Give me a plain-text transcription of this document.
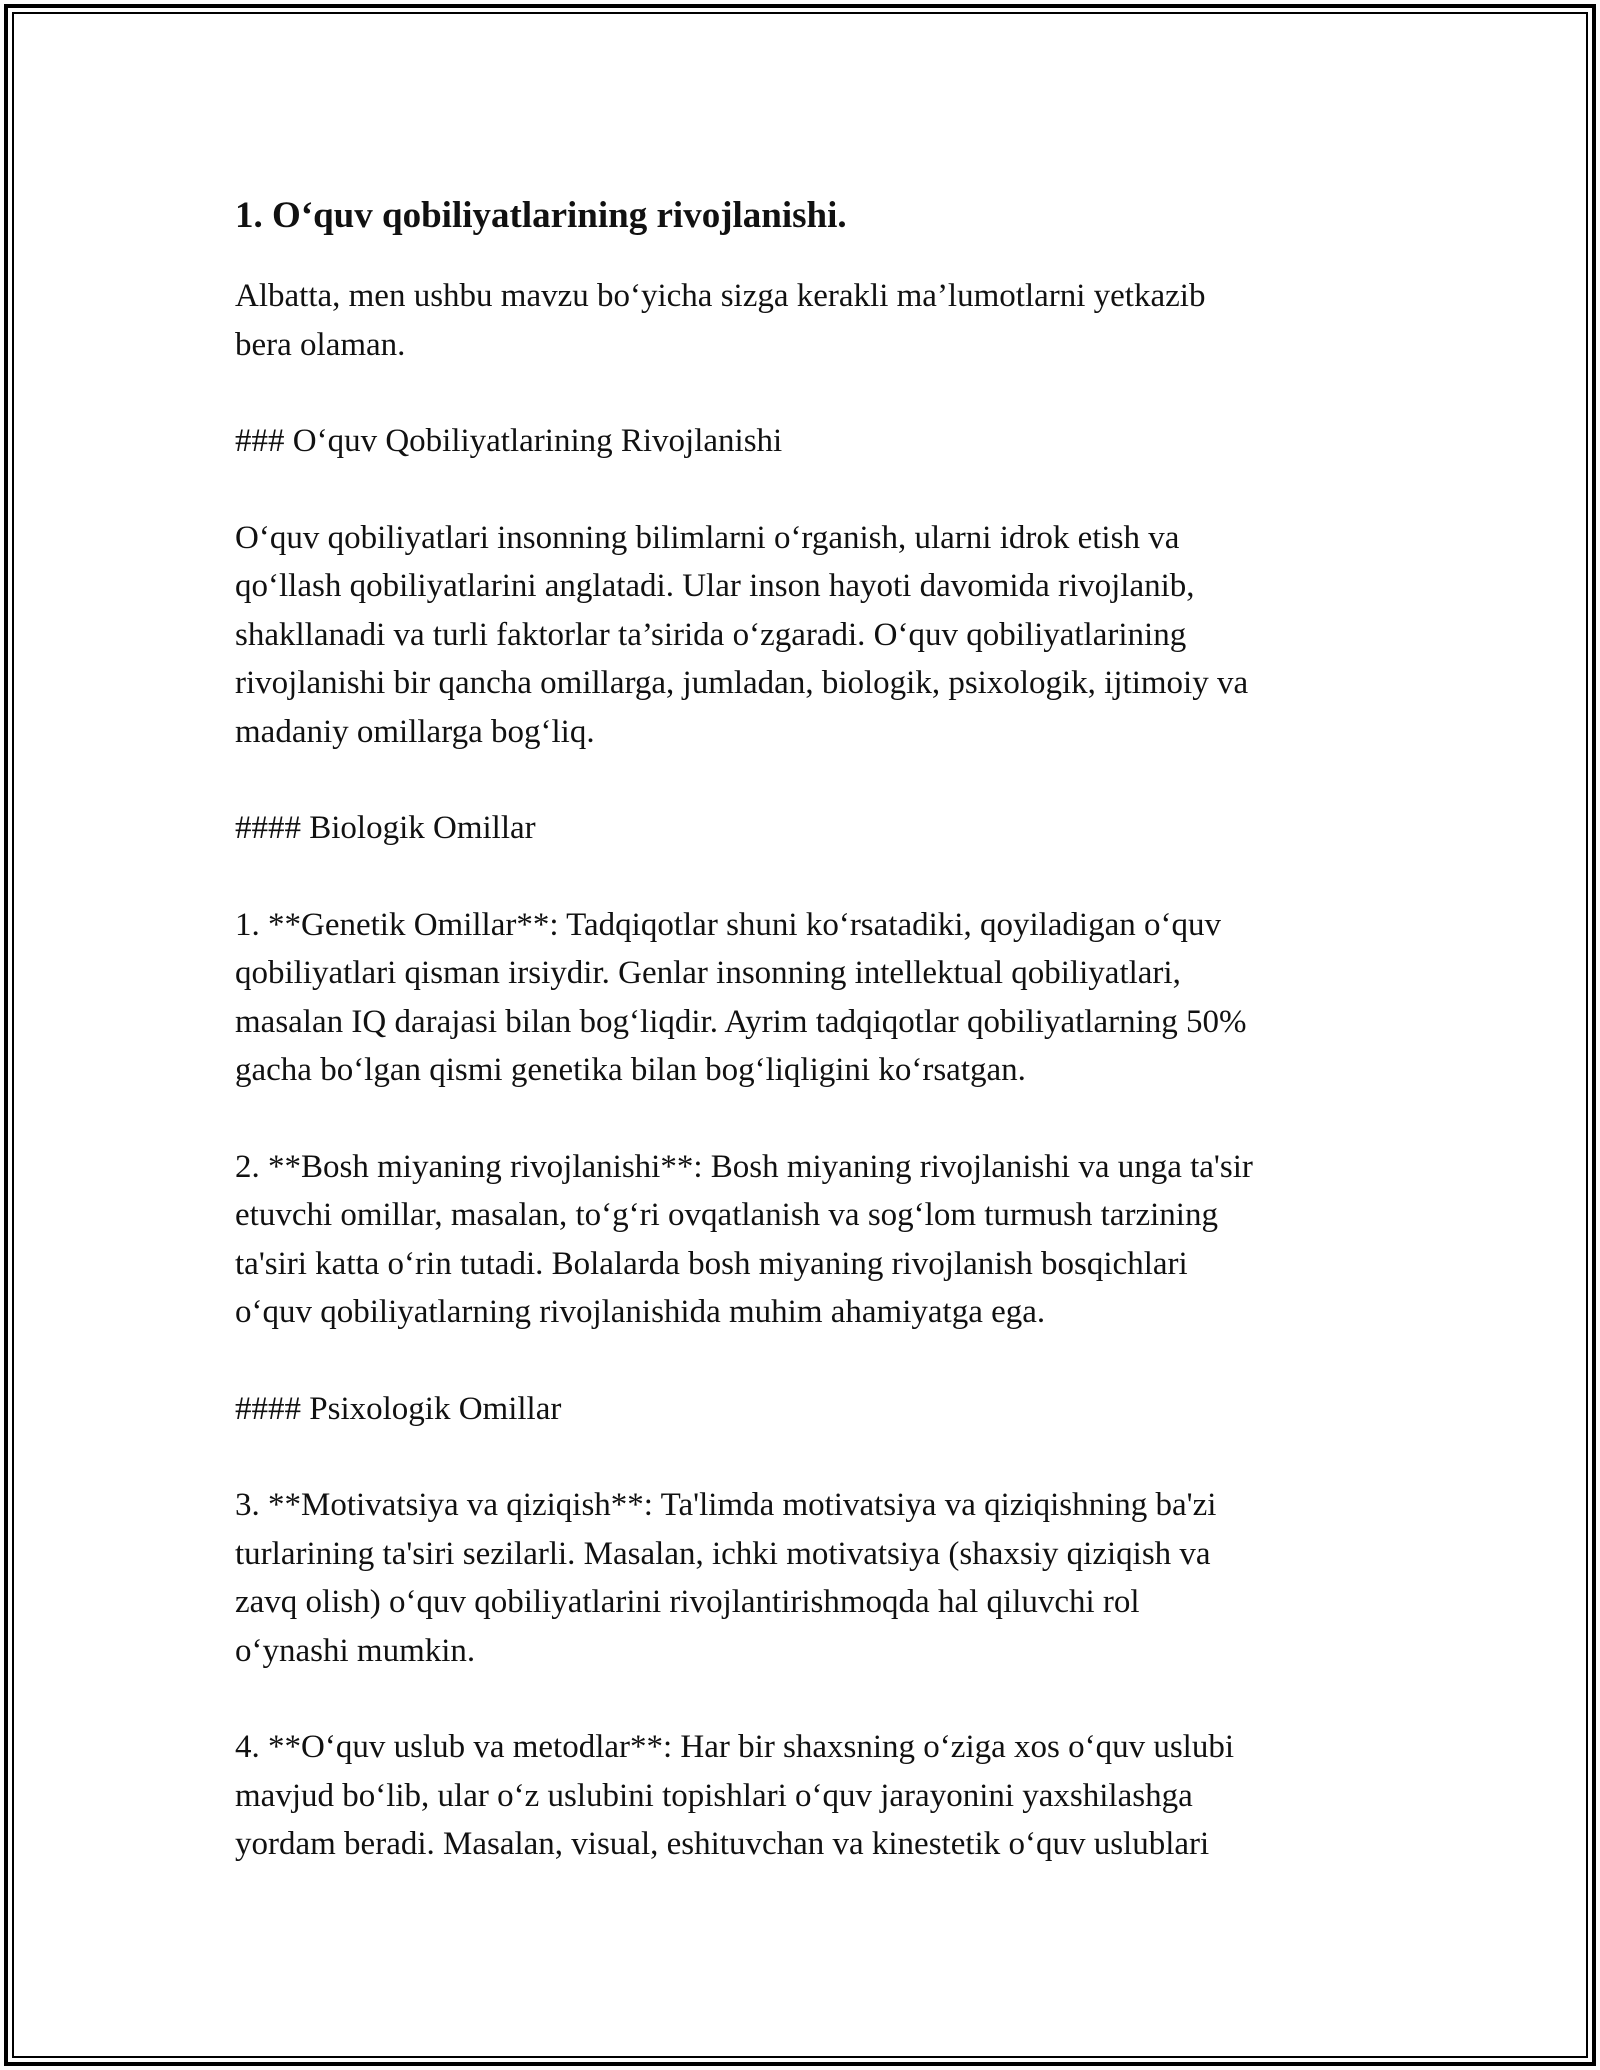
1. O‘quv qobiliyatlarining rivojlanishi.

Albatta, men ushbu mavzu bo‘yicha sizga kerakli ma’lumotlarni yetkazib
bera olaman.

### O‘quv Qobiliyatlarining Rivojlanishi

O‘quv qobiliyatlari insonning bilimlarni o‘rganish, ularni idrok etish va
qo‘llash qobiliyatlarini anglatadi. Ular inson hayoti davomida rivojlanib,
shakllanadi va turli faktorlar ta’sirida o‘zgaradi. O‘quv qobiliyatlarining
rivojlanishi bir qancha omillarga, jumladan, biologik, psixologik, ijtimoiy va
madaniy omillarga bog‘liq.

#### Biologik Omillar

1. **Genetik Omillar**: Tadqiqotlar shuni ko‘rsatadiki, qoyiladigan o‘quv
qobiliyatlari qisman irsiydir. Genlar insonning intellektual qobiliyatlari,
masalan IQ darajasi bilan bog‘liqdir. Ayrim tadqiqotlar qobiliyatlarning 50%
gacha bo‘lgan qismi genetika bilan bog‘liqligini ko‘rsatgan.

2. **Bosh miyaning rivojlanishi**: Bosh miyaning rivojlanishi va unga ta'sir
etuvchi omillar, masalan, to‘g‘ri ovqatlanish va sog‘lom turmush tarzining
ta'siri katta o‘rin tutadi. Bolalarda bosh miyaning rivojlanish bosqichlari
o‘quv qobiliyatlarning rivojlanishida muhim ahamiyatga ega.

#### Psixologik Omillar

3. **Motivatsiya va qiziqish**: Ta'limda motivatsiya va qiziqishning ba'zi
turlarining ta'siri sezilarli. Masalan, ichki motivatsiya (shaxsiy qiziqish va
zavq olish) o‘quv qobiliyatlarini rivojlantirishmoqda hal qiluvchi rol
o‘ynashi mumkin.

4. **O‘quv uslub va metodlar**: Har bir shaxsning o‘ziga xos o‘quv uslubi
mavjud bo‘lib, ular o‘z uslubini topishlari o‘quv jarayonini yaxshilashga
yordam beradi. Masalan, visual, eshituvchan va kinestetik o‘quv uslublari
